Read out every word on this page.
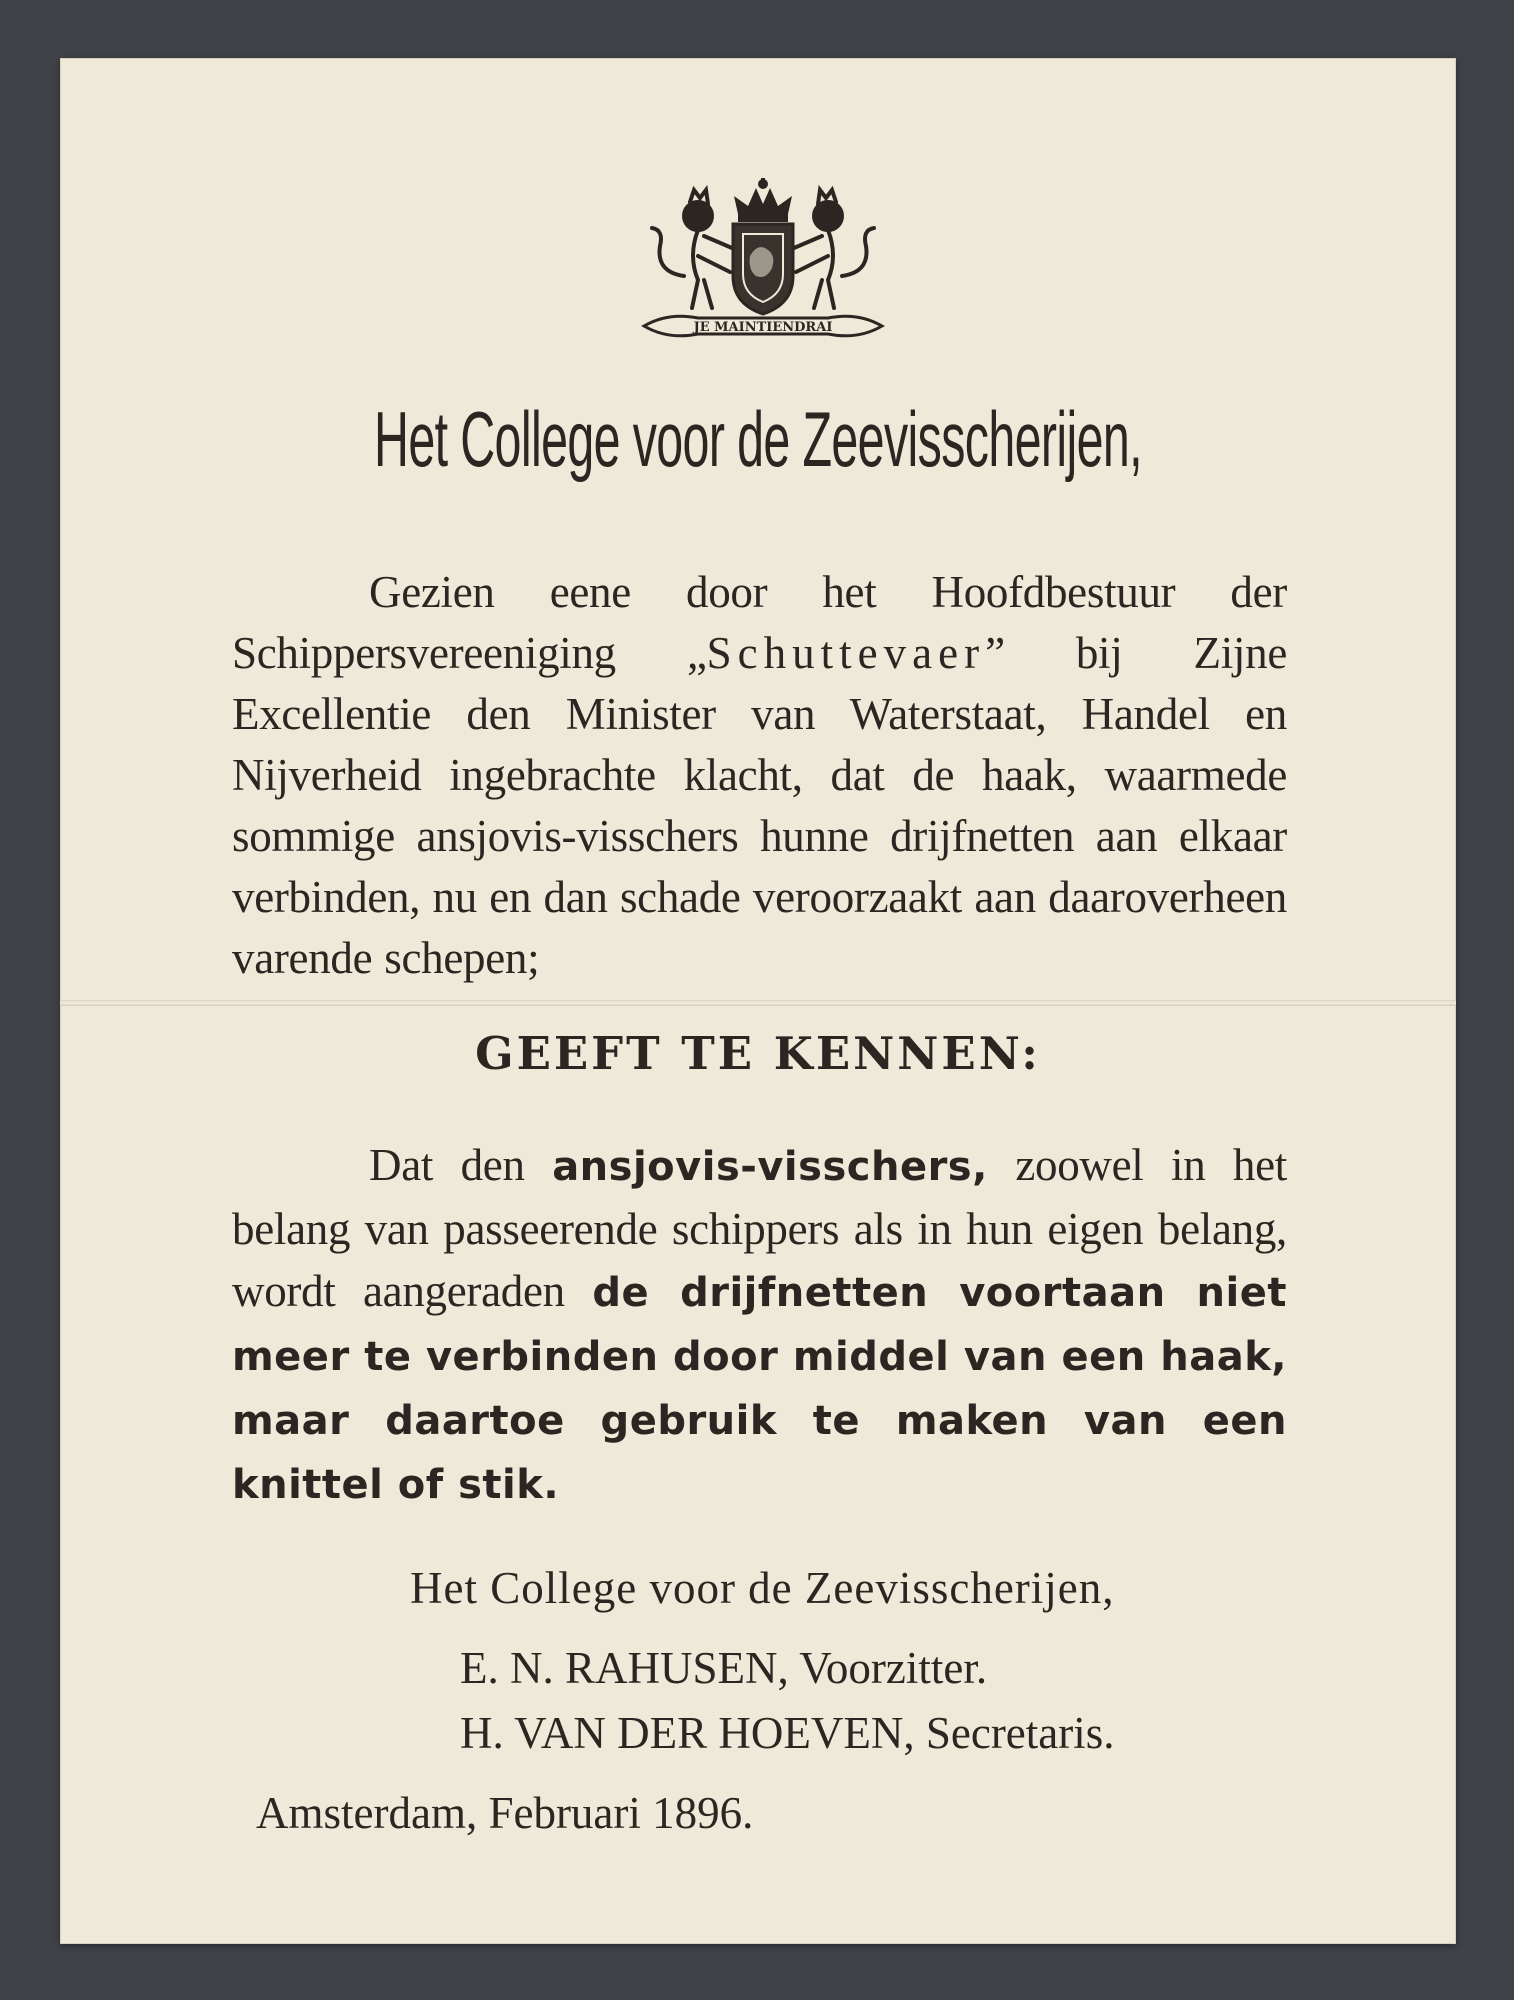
JE MAINTIENDRAI
Het College voor de Zeevisscherijen,
Gezien eene door het Hoofdbestuur der Schippersvereeniging „Schuttevaer” bij Zijne Excellentie den Minister van Waterstaat, Handel en Nijverheid ingebrachte klacht, dat de haak, waarmede sommige ansjovis-visschers hunne drijfnetten aan elkaar verbinden, nu en dan schade veroorzaakt aan daaroverheen varende schepen;
GEEFT TE KENNEN:
Dat den ansjovis-visschers, zoowel in het belang van passeerende schippers als in hun eigen belang, wordt aangeraden de drijfnetten voortaan niet meer te verbinden door middel van een haak, maar daartoe gebruik te maken van een knittel of stik.
Het College voor de Zeevisscherijen,
E. N. RAHUSEN, Voorzitter.
H. VAN DER HOEVEN, Secretaris.
Amsterdam, Februari 1896.
